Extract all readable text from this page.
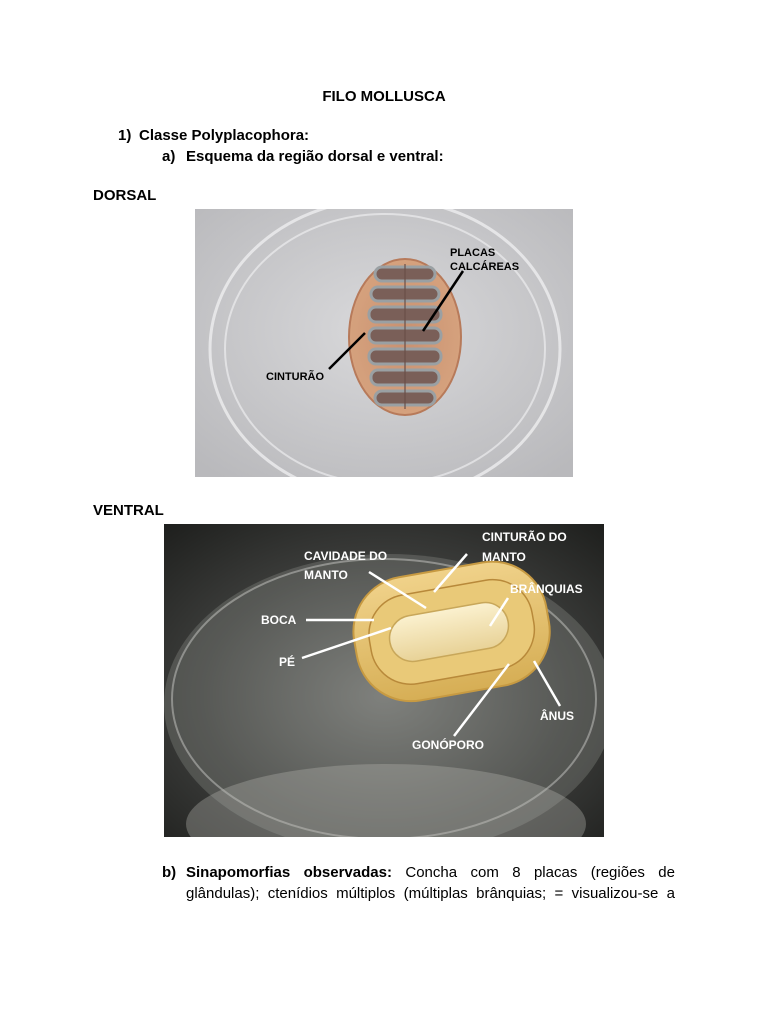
FILO MOLLUSCA
1) Classe Polyplacophora:
a) Esquema da região dorsal e ventral:
DORSAL
PLACAS
CALCÁREAS
CINTURÃO
VENTRAL
CAVIDADE DO
MANTO
CINTURÃO DO
MANTO
BRÂNQUIAS
BOCA
PÉ
ÂNUS
GONÓPORO
b) Sinapomorfias observadas: Concha com 8 placas (regiões de
glândulas); ctenídios múltiplos (múltiplas brânquias; = visualizou-se a
